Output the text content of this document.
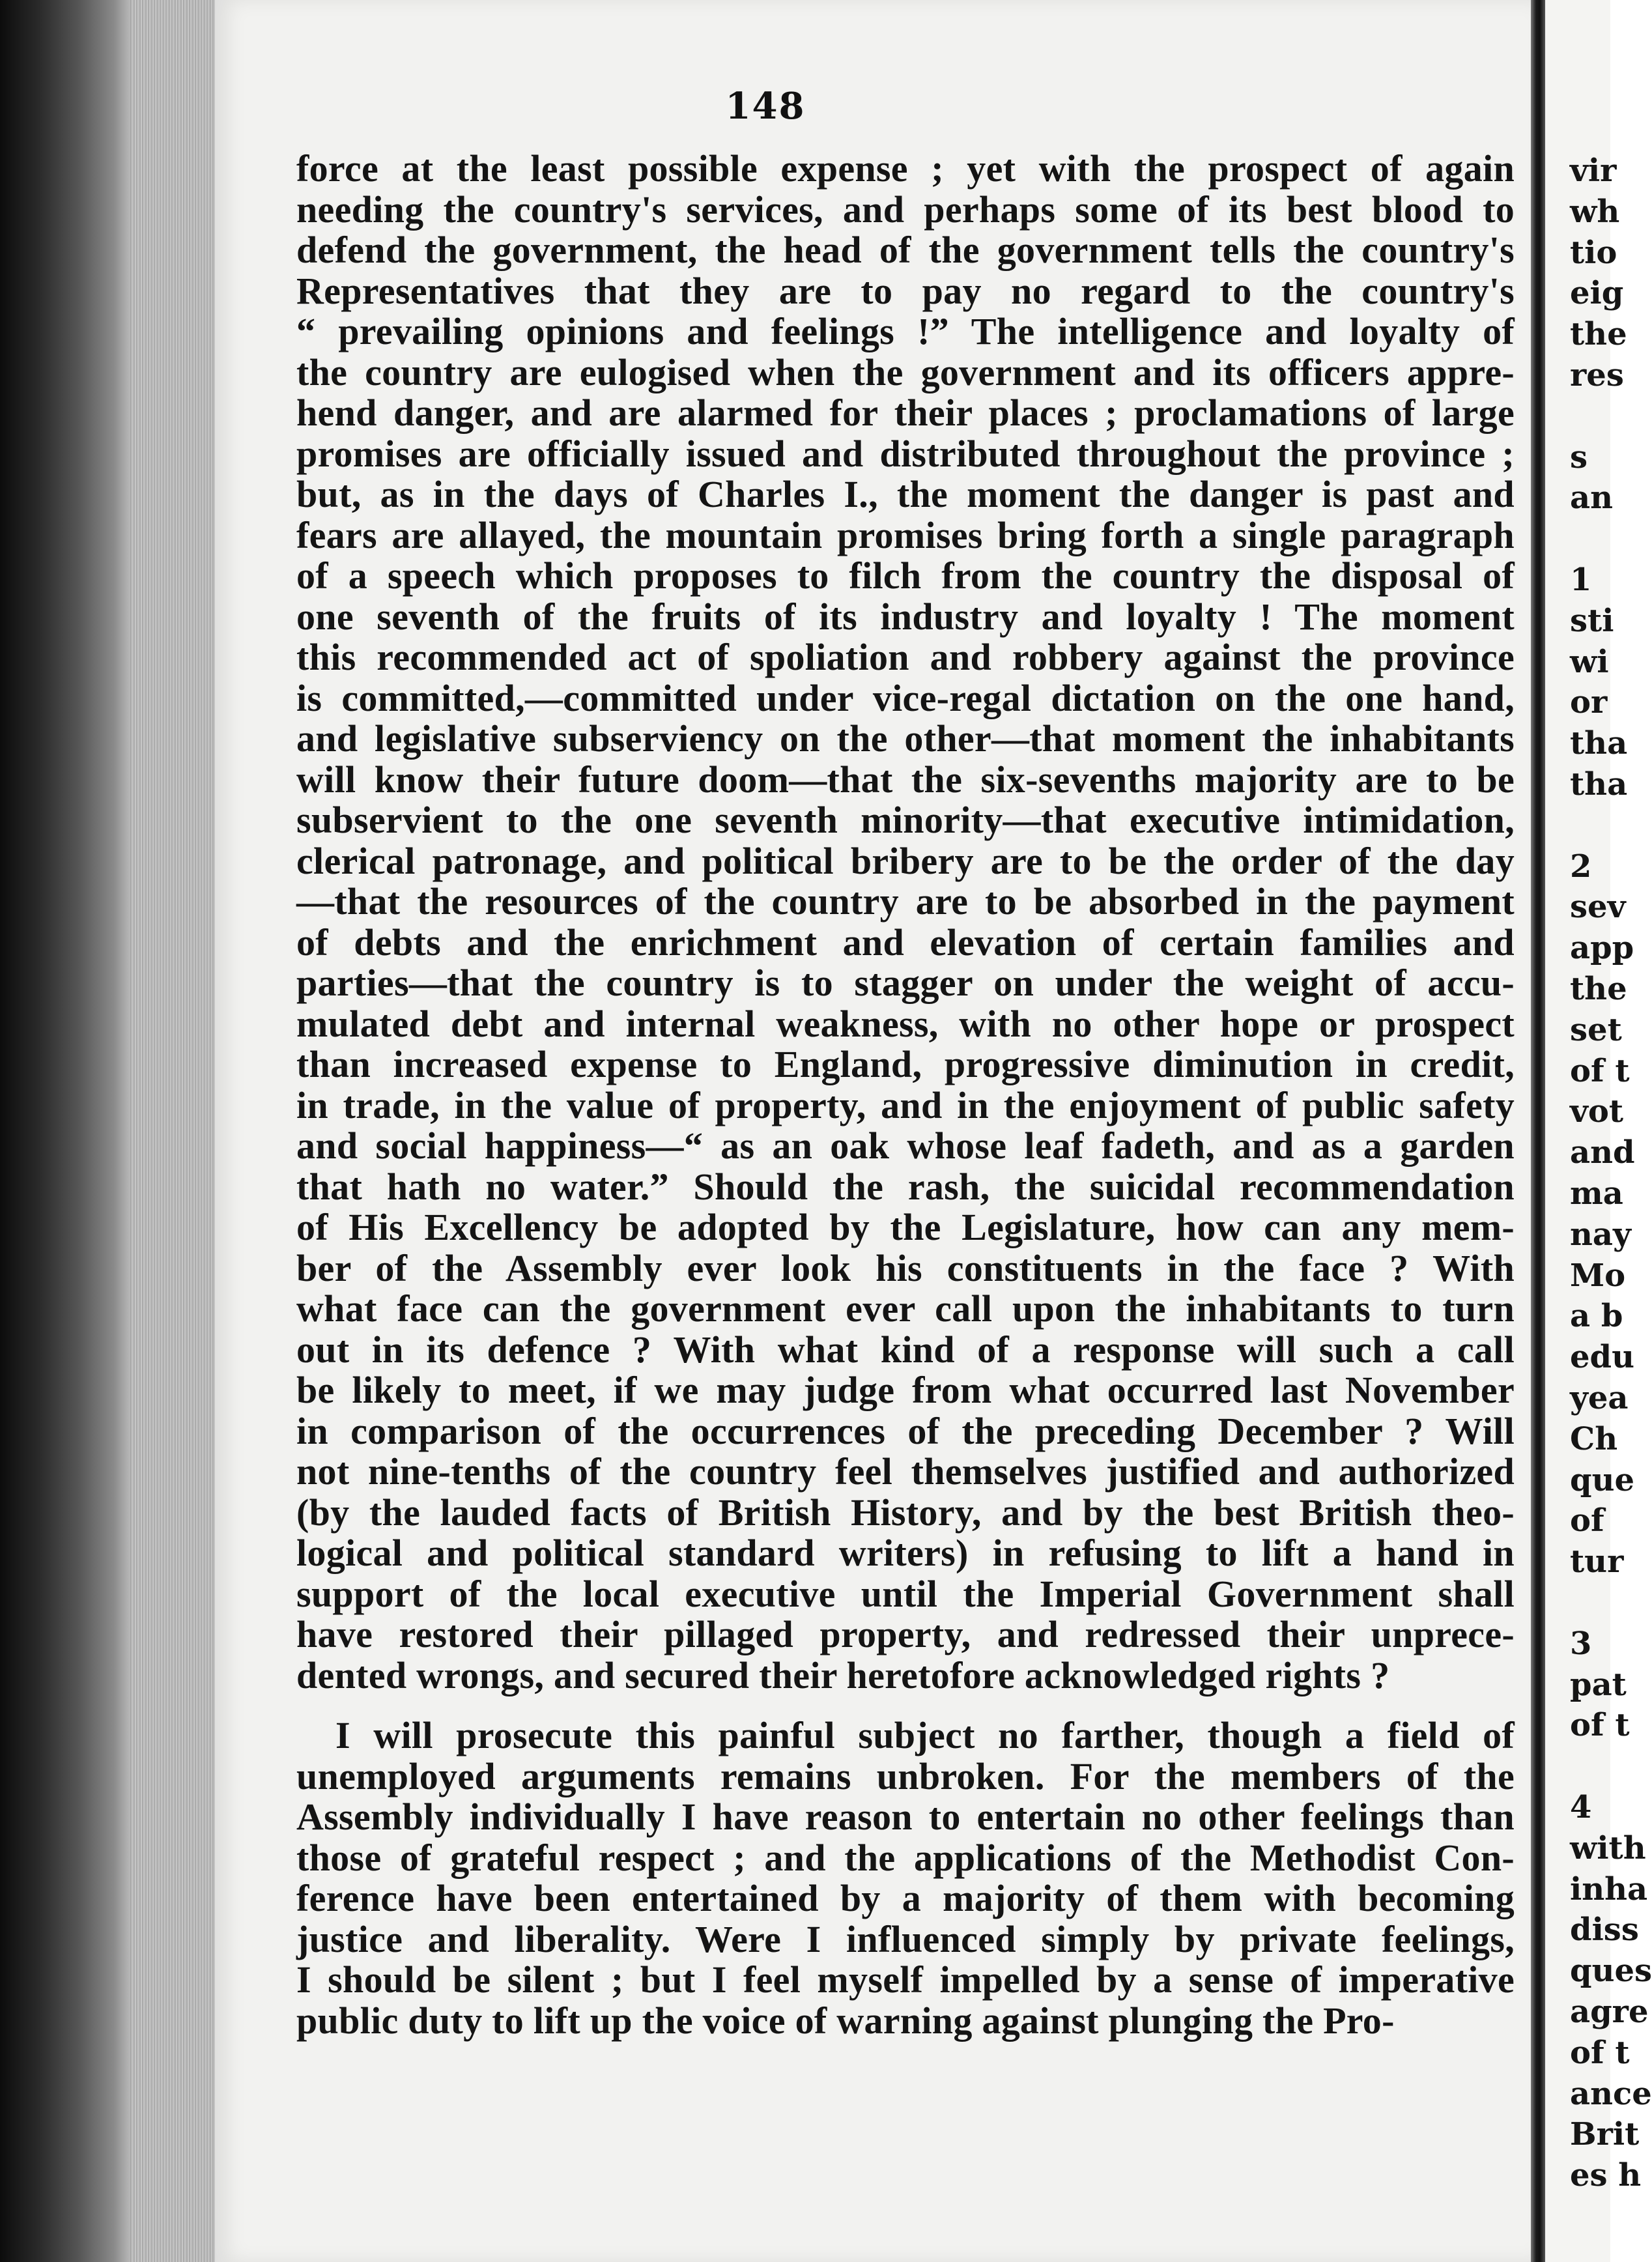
148
force at the least possible expense ; yet with the prospect of again
needing the country's services, and perhaps some of its best blood to
defend the government, the head of the government tells the country's
Representatives that they are to pay no regard to the country's
“ prevailing opinions and feelings !” The intelligence and loyalty of
the country are eulogised when the government and its officers appre-
hend danger, and are alarmed for their places ; proclamations of large
promises are officially issued and distributed throughout the province ;
but, as in the days of Charles I., the moment the danger is past and
fears are allayed, the mountain promises bring forth a single paragraph
of a speech which proposes to filch from the country the disposal of
one seventh of the fruits of its industry and loyalty ! The moment
this recommended act of spoliation and robbery against the province
is committed,—committed under vice-regal dictation on the one hand,
and legislative subserviency on the other—that moment the inhabitants
will know their future doom—that the six-sevenths majority are to be
subservient to the one seventh minority—that executive intimidation,
clerical patronage, and political bribery are to be the order of the day
—that the resources of the country are to be absorbed in the payment
of debts and the enrichment and elevation of certain families and
parties—that the country is to stagger on under the weight of accu-
mulated debt and internal weakness, with no other hope or prospect
than increased expense to England, progressive diminution in credit,
in trade, in the value of property, and in the enjoyment of public safety
and social happiness—“ as an oak whose leaf fadeth, and as a garden
that hath no water.” Should the rash, the suicidal recommendation
of His Excellency be adopted by the Legislature, how can any mem-
ber of the Assembly ever look his constituents in the face ? With
what face can the government ever call upon the inhabitants to turn
out in its defence ? With what kind of a response will such a call
be likely to meet, if we may judge from what occurred last November
in comparison of the occurrences of the preceding December ? Will
not nine-tenths of the country feel themselves justified and authorized
(by the lauded facts of British History, and by the best British theo-
logical and political standard writers) in refusing to lift a hand in
support of the local executive until the Imperial Government shall
have restored their pillaged property, and redressed their unprece-
dented wrongs, and secured their heretofore acknowledged rights ?
I will prosecute this painful subject no farther, though a field of
unemployed arguments remains unbroken. For the members of the
Assembly individually I have reason to entertain no other feelings than
those of grateful respect ; and the applications of the Methodist Con-
ference have been entertained by a majority of them with becoming
justice and liberality. Were I influenced simply by private feelings,
I should be silent ; but I feel myself impelled by a sense of imperative
public duty to lift up the voice of warning against plunging the Pro-
vir
wh
tio
eig
the
res
s
an
1
sti
wi
or
tha
tha
2
sev
app
the
set
of t
vot
and
ma
nay
Mo
a b
edu
yea
Ch
que
of
tur
3
pat
of t
4
with
inha
diss
ques
agre
of t
ance
Brit
es h
